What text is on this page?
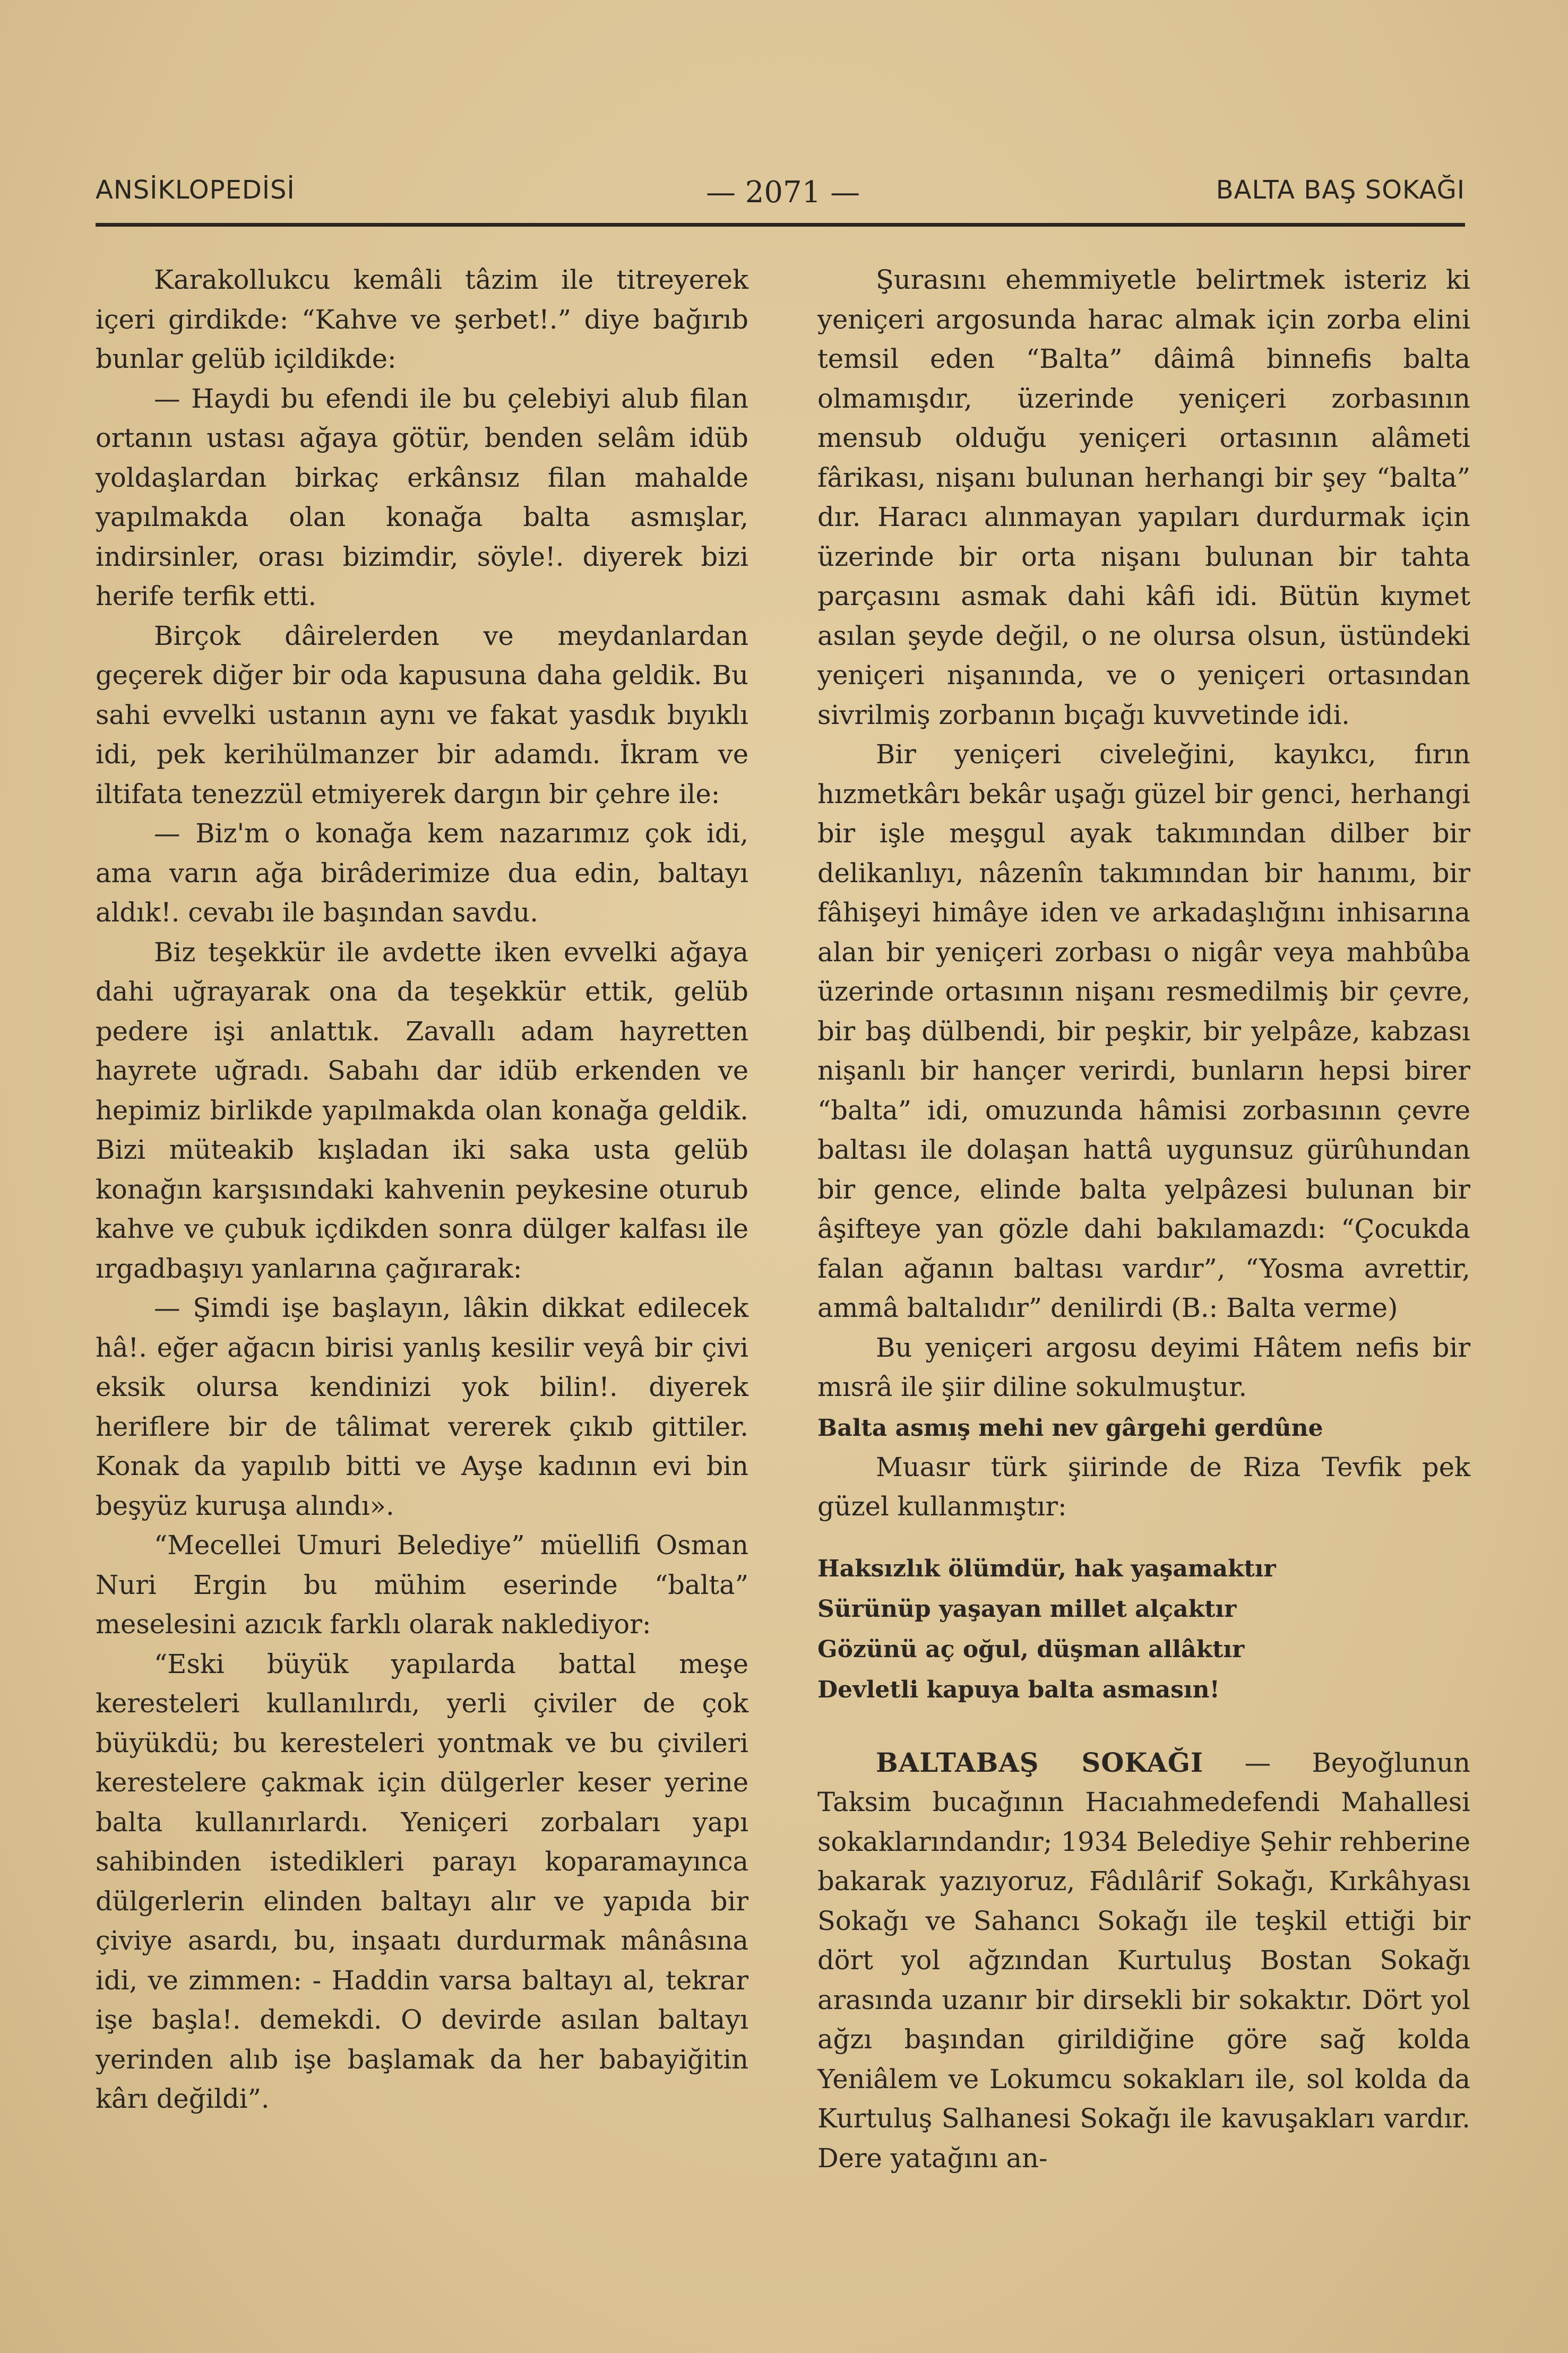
ANSİKLOPEDİSİ	— 2071 —	BALTA BAŞ SOKAĞI

Karakollukcu kemâli tâzim ile titreyerek içeri girdikde: “Kahve ve şerbet!.” diye bağırıb bunlar gelüb içildikde:

— Haydi bu efendi ile bu çelebiyi alub filan ortanın ustası ağaya götür, benden selâm idüb yoldaşlardan birkaç erkânsız filan mahalde yapılmakda olan konağa balta asmışlar, indirsinler, orası bizimdir, söyle!. diyerek bizi herife terfik etti.

Birçok dâirelerden ve meydanlardan geçerek diğer bir oda kapusuna daha geldik. Bu sahi evvelki ustanın aynı ve fakat yasdık bıyıklı idi, pek kerihülmanzer bir adamdı. İkram ve iltifata tenezzül etmiyerek dargın bir çehre ile:

— Biz'm o konağa kem nazarımız çok idi, ama varın ağa birâderimize dua edin, baltayı aldık!. cevabı ile başından savdu.

Biz teşekkür ile avdette iken evvelki ağaya dahi uğrayarak ona da teşekkür ettik, gelüb pedere işi anlattık. Zavallı adam hayretten hayrete uğradı. Sabahı dar idüb erkenden ve hepimiz birlikde yapılmakda olan konağa geldik. Bizi müteakib kışladan iki saka usta gelüb konağın karşısındaki kahvenin peykesine oturub kahve ve çubuk içdikden sonra dülger kalfası ile ırgadbaşıyı yanlarına çağırarak:

— Şimdi işe başlayın, lâkin dikkat edilecek hâ!. eğer ağacın birisi yanlış kesilir veyâ bir çivi eksik olursa kendinizi yok bilin!. diyerek heriflere bir de tâlimat vererek çıkıb gittiler. Konak da yapılıb bitti ve Ayşe kadının evi bin beşyüz kuruşa alındı».

“Mecellei Umuri Belediye” müellifi Osman Nuri Ergin bu mühim eserinde “balta” meselesini azıcık farklı olarak naklediyor:

“Eski büyük yapılarda battal meşe keresteleri kullanılırdı, yerli çiviler de çok büyükdü; bu keresteleri yontmak ve bu çivileri kerestelere çakmak için dülgerler keser yerine balta kullanırlardı. Yeniçeri zorbaları yapı sahibinden istedikleri parayı koparamayınca dülgerlerin elinden baltayı alır ve yapıda bir çiviye asardı, bu, inşaatı durdurmak mânâsına idi, ve zimmen: - Haddin varsa baltayı al, tekrar işe başla!. demekdi. O devirde asılan baltayı yerinden alıb işe başlamak da her babayiğitin kârı değildi”.

Şurasını ehemmiyetle belirtmek isteriz ki yeniçeri argosunda harac almak için zorba elini temsil eden “Balta” dâimâ binnefis balta olmamışdır, üzerinde yeniçeri zorbasının mensub olduğu yeniçeri ortasının alâmeti fârikası, nişanı bulunan herhangi bir şey “balta” dır. Haracı alınmayan yapıları durdurmak için üzerinde bir orta nişanı bulunan bir tahta parçasını asmak dahi kâfi idi. Bütün kıymet asılan şeyde değil, o ne olursa olsun, üstündeki yeniçeri nişanında, ve o yeniçeri ortasından sivrilmiş zorbanın bıçağı kuvvetinde idi.

Bir yeniçeri civeleğini, kayıkcı, fırın hızmetkârı bekâr uşağı güzel bir genci, herhangi bir işle meşgul ayak takımından dilber bir delikanlıyı, nâzenîn takımından bir hanımı, bir fâhişeyi himâye iden ve arkadaşlığını inhisarına alan bir yeniçeri zorbası o nigâr veya mahbûba üzerinde ortasının nişanı resmedilmiş bir çevre, bir baş dülbendi, bir peşkir, bir yelpâze, kabzası nişanlı bir hançer verirdi, bunların hepsi birer “balta” idi, omuzunda hâmisi zorbasının çevre baltası ile dolaşan hattâ uygunsuz gürûhundan bir gence, elinde balta yelpâzesi bulunan bir âşifteye yan gözle dahi bakılamazdı: “Çocukda falan ağanın baltası vardır”, “Yosma avrettir, ammâ baltalıdır” denilirdi (B.: Balta verme)

Bu yeniçeri argosu deyimi Hâtem nefis bir mısrâ ile şiir diline sokulmuştur.

Balta asmış mehi nev gârgehi gerdûne

Muasır türk şiirinde de Riza Tevfik pek güzel kullanmıştır:

Haksızlık ölümdür, hak yaşamaktır

Sürünüp yaşayan millet alçaktır

Gözünü aç oğul, düşman allâktır

Devletli kapuya balta asmasın!

BALTABAŞ SOKAĞI — Beyoğlunun Taksim bucağının Hacıahmedefendi Mahallesi sokaklarındandır; 1934 Belediye Şehir rehberine bakarak yazıyoruz, Fâdılârif Sokağı, Kırkâhyası Sokağı ve Sahancı Sokağı ile teşkil ettiği bir dört yol ağzından Kurtuluş Bostan Sokağı arasında uzanır bir dirsekli bir sokaktır. Dört yol ağzı başından girildiğine göre sağ kolda Yeniâlem ve Lokumcu sokakları ile, sol kolda da Kurtuluş Salhanesi Sokağı ile kavuşakları vardır. Dere yatağını an-
